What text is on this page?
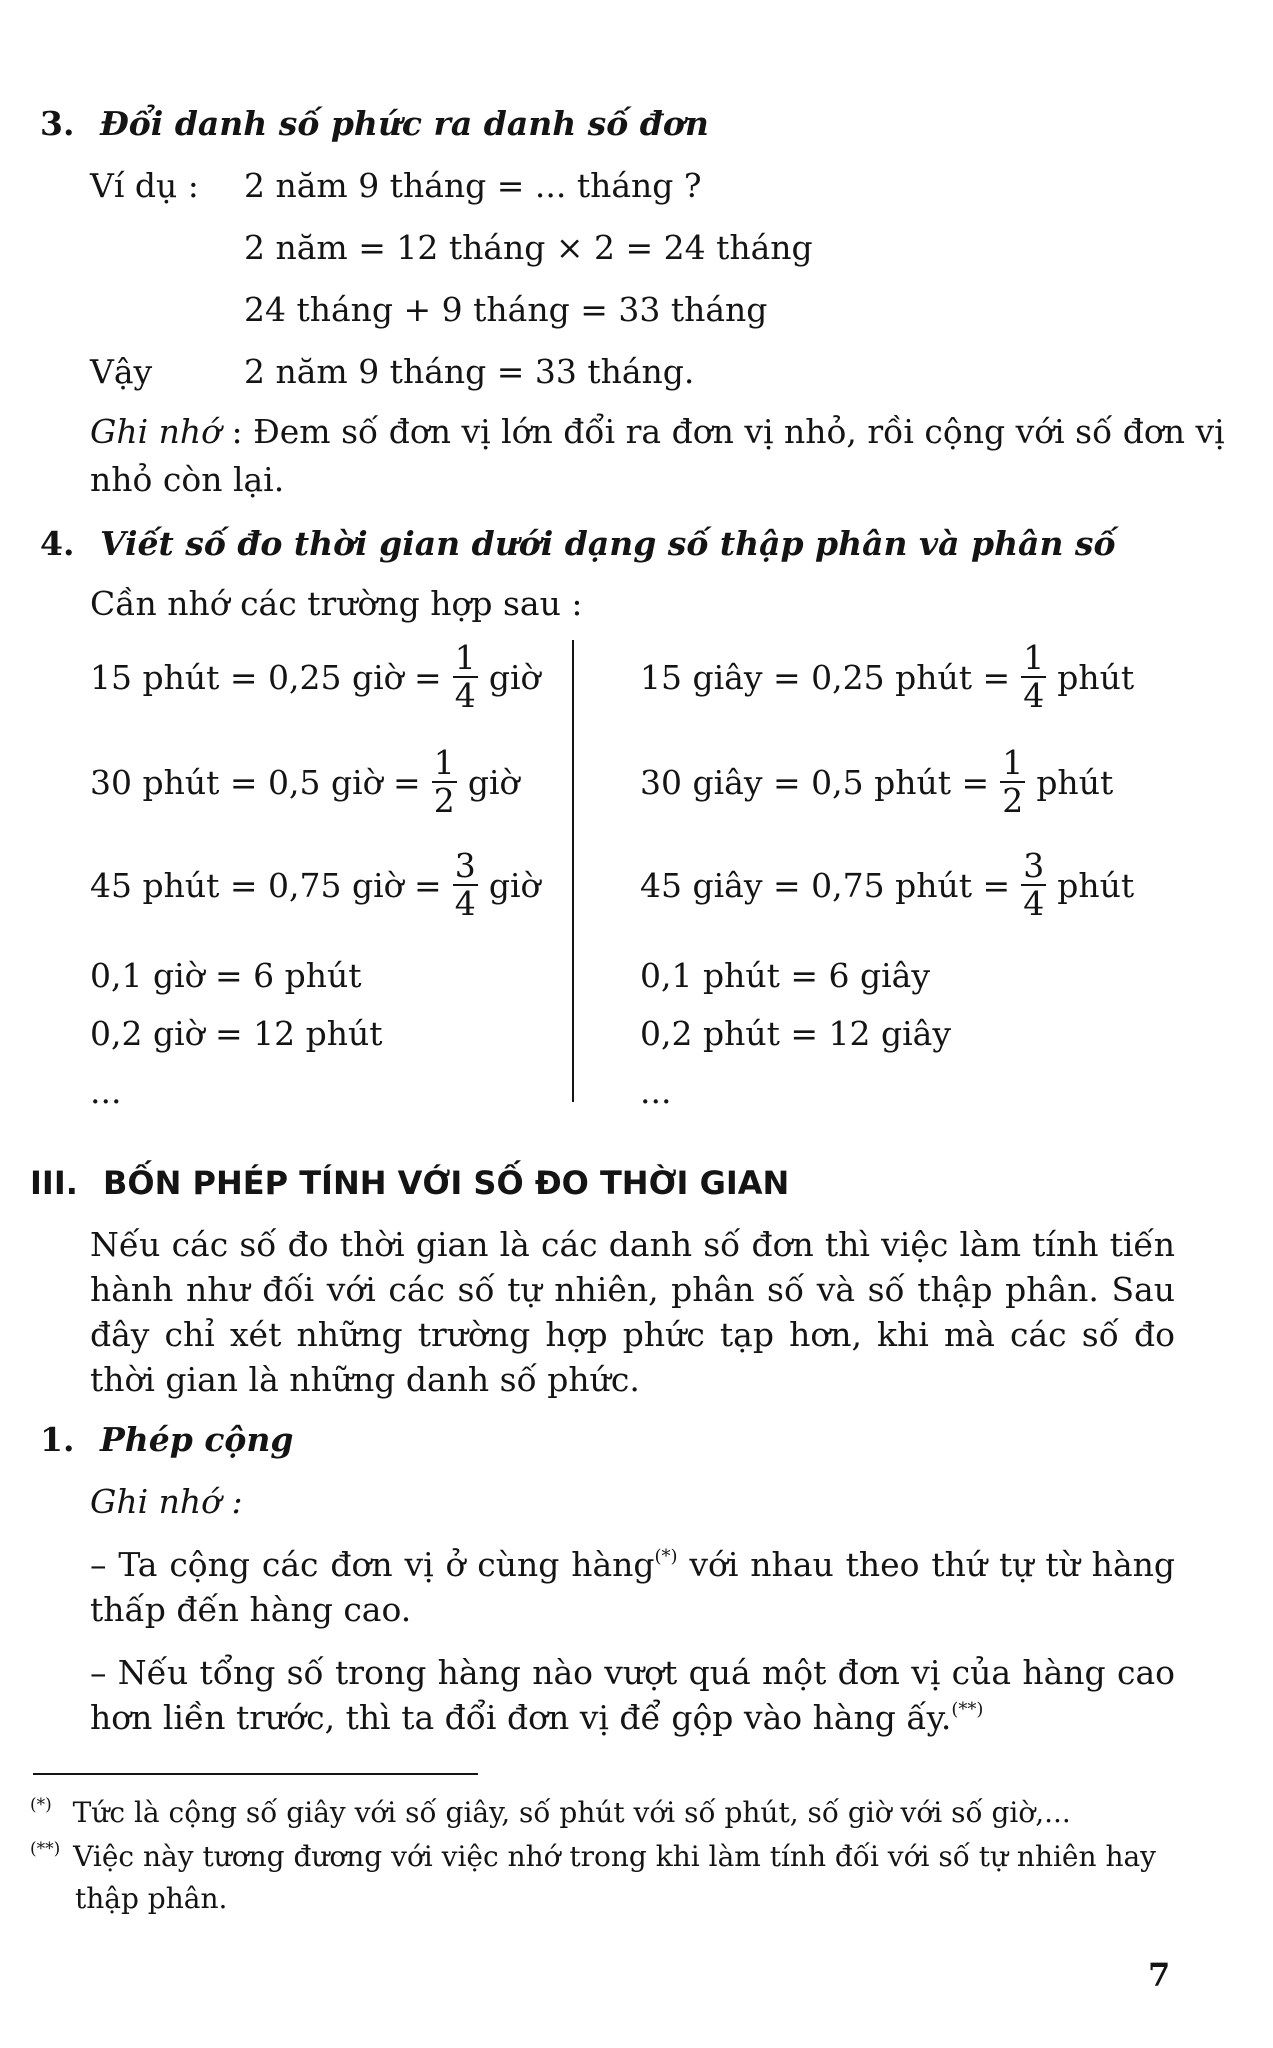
3. Đổi danh số phức ra danh số đơn
Ví dụ : 2 năm 9 tháng = ... tháng ?
2 năm = 12 tháng × 2 = 24 tháng
24 tháng + 9 tháng = 33 tháng
Vậy	2 năm 9 tháng = 33 tháng.
Ghi nhớ : Đem số đơn vị lớn đổi ra đơn vị nhỏ, rồi cộng với số đơn vị
nhỏ còn lại.
4. Viết số đo thời gian dưới dạng số thập phân và phân số
Cần nhớ các trường hợp sau :
15 phút = 0,25 giờ = $\frac{1}{4}$ giờ
30 phút = 0,5 giờ = $\frac{1}{2}$ giờ
45 phút = 0,75 giờ = $\frac{3}{4}$ giờ
0,1 giờ = 6 phút
0,2 giờ = 12 phút
...
15 giây = 0,25 phút = $\frac{1}{4}$ phút
30 giây = 0,5 phút = $\frac{1}{2}$ phút
45 giây = 0,75 phút = $\frac{3}{4}$ phút
0,1 phút = 6 giây
0,2 phút = 12 giây
...
III. BỐN PHÉP TÍNH VỚI SỐ ĐO THỜI GIAN
Nếu các số đo thời gian là các danh số đơn thì việc làm tính tiến hành như đối với các số tự nhiên, phân số và số thập phân. Sau đây chỉ xét những trường hợp phức tạp hơn, khi mà các số đo thời gian là những danh số phức.
1. Phép cộng
Ghi nhớ :
– Ta cộng các đơn vị ở cùng hàng(*) với nhau theo thứ tự từ hàng thấp đến hàng cao.
– Nếu tổng số trong hàng nào vượt quá một đơn vị của hàng cao hơn liền trước, thì ta đổi đơn vị để gộp vào hàng ấy.(**)
(*) Tức là cộng số giây với số giây, số phút với số phút, số giờ với số giờ,...
(**) Việc này tương đương với việc nhớ trong khi làm tính đối với số tự nhiên hay
thập phân.
7
